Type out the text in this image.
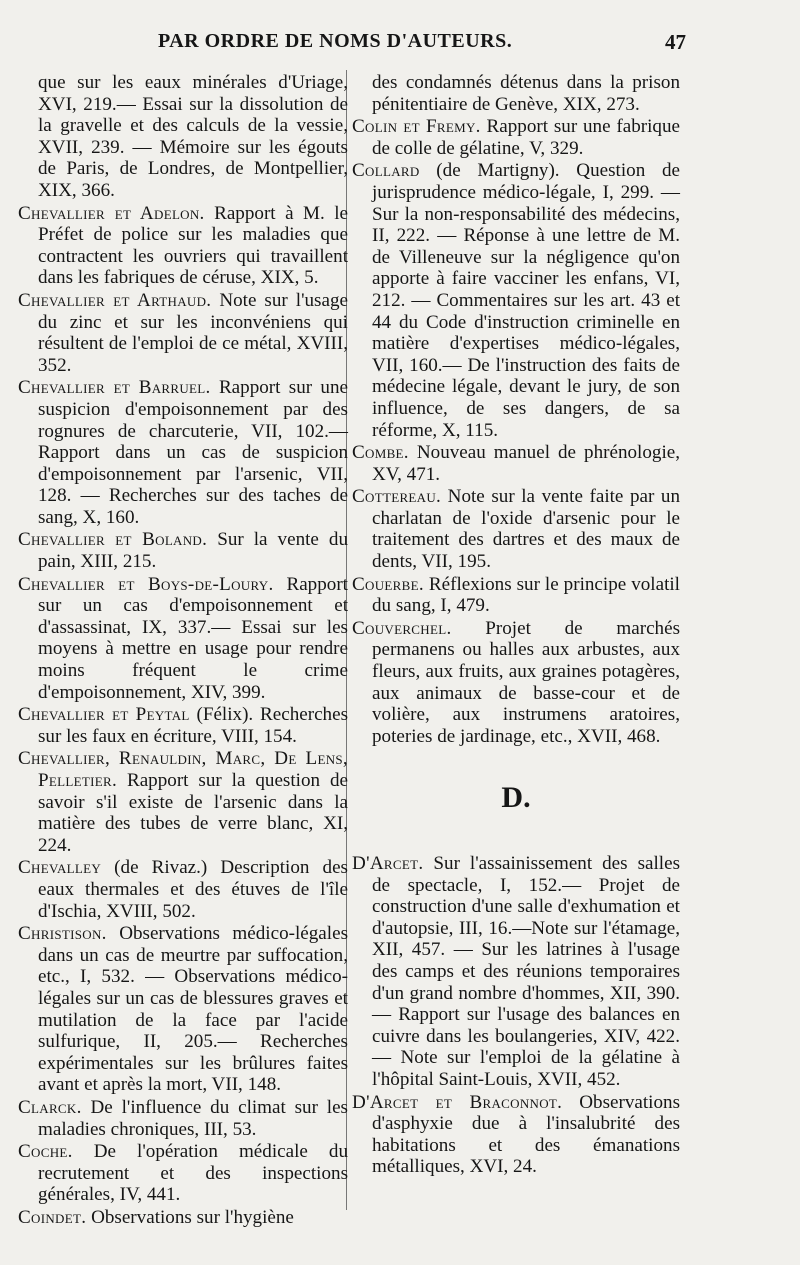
PAR ORDRE DE NOMS D'AUTEURS.	47

que sur les eaux minérales d'Uriage, XVI, 219.— Essai sur la dissolution de la gravelle et des calculs de la vessie, XVII, 239. — Mémoire sur les égouts de Paris, de Londres, de Montpellier, XIX, 366.

Chevallier et Adelon. Rapport à M. le Préfet de police sur les maladies que contractent les ouvriers qui travaillent dans les fabriques de céruse, XIX, 5.

Chevallier et Arthaud. Note sur l'usage du zinc et sur les inconvéniens qui résultent de l'emploi de ce métal, XVIII, 352.

Chevallier et Barruel. Rapport sur une suspicion d'empoisonnement par des rognures de charcuterie, VII, 102.—Rapport dans un cas de suspicion d'empoisonnement par l'arsenic, VII, 128. — Recherches sur des taches de sang, X, 160.

Chevallier et Boland. Sur la vente du pain, XIII, 215.

Chevallier et Boys-de-Loury. Rapport sur un cas d'empoisonnement et d'assassinat, IX, 337.— Essai sur les moyens à mettre en usage pour rendre moins fréquent le crime d'empoisonnement, XIV, 399.

Chevallier et Peytal (Félix). Recherches sur les faux en écriture, VIII, 154.

Chevallier, Renauldin, Marc, De Lens, Pelletier. Rapport sur la question de savoir s'il existe de l'arsenic dans la matière des tubes de verre blanc, XI, 224.

Chevalley (de Rivaz.) Description des eaux thermales et des étuves de l'île d'Ischia, XVIII, 502.

Christison. Observations médico-légales dans un cas de meurtre par suffocation, etc., I, 532. — Observations médico-légales sur un cas de blessures graves et mutilation de la face par l'acide sulfurique, II, 205.— Recherches expérimentales sur les brûlures faites avant et après la mort, VII, 148.

Clarck. De l'influence du climat sur les maladies chroniques, III, 53.

Coche. De l'opération médicale du recrutement et des inspections générales, IV, 441.

Coindet. Observations sur l'hygiène

des condamnés détenus dans la prison pénitentiaire de Genève, XIX, 273.

Colin et Fremy. Rapport sur une fabrique de colle de gélatine, V, 329.

Collard (de Martigny). Question de jurisprudence médico-légale, I, 299. — Sur la non-responsabilité des médecins, II, 222. — Réponse à une lettre de M. de Villeneuve sur la négligence qu'on apporte à faire vacciner les enfans, VI, 212. — Commentaires sur les art. 43 et 44 du Code d'instruction criminelle en matière d'expertises médico-légales, VII, 160.— De l'instruction des faits de médecine légale, devant le jury, de son influence, de ses dangers, de sa réforme, X, 115.

Combe. Nouveau manuel de phrénologie, XV, 471.

Cottereau. Note sur la vente faite par un charlatan de l'oxide d'arsenic pour le traitement des dartres et des maux de dents, VII, 195.

Couerbe. Réflexions sur le principe volatil du sang, I, 479.

Couverchel. Projet de marchés permanens ou halles aux arbustes, aux fleurs, aux fruits, aux graines potagères, aux animaux de basse-cour et de volière, aux instrumens aratoires, poteries de jardinage, etc., XVII, 468.

D.

D'Arcet. Sur l'assainissement des salles de spectacle, I, 152.— Projet de construction d'une salle d'exhumation et d'autopsie, III, 16.—Note sur l'étamage, XII, 457. — Sur les latrines à l'usage des camps et des réunions temporaires d'un grand nombre d'hommes, XII, 390. — Rapport sur l'usage des balances en cuivre dans les boulangeries, XIV, 422. — Note sur l'emploi de la gélatine à l'hôpital Saint-Louis, XVII, 452.

D'Arcet et Braconnot. Observations d'asphyxie due à l'insalubrité des habitations et des émanations métalliques, XVI, 24.
